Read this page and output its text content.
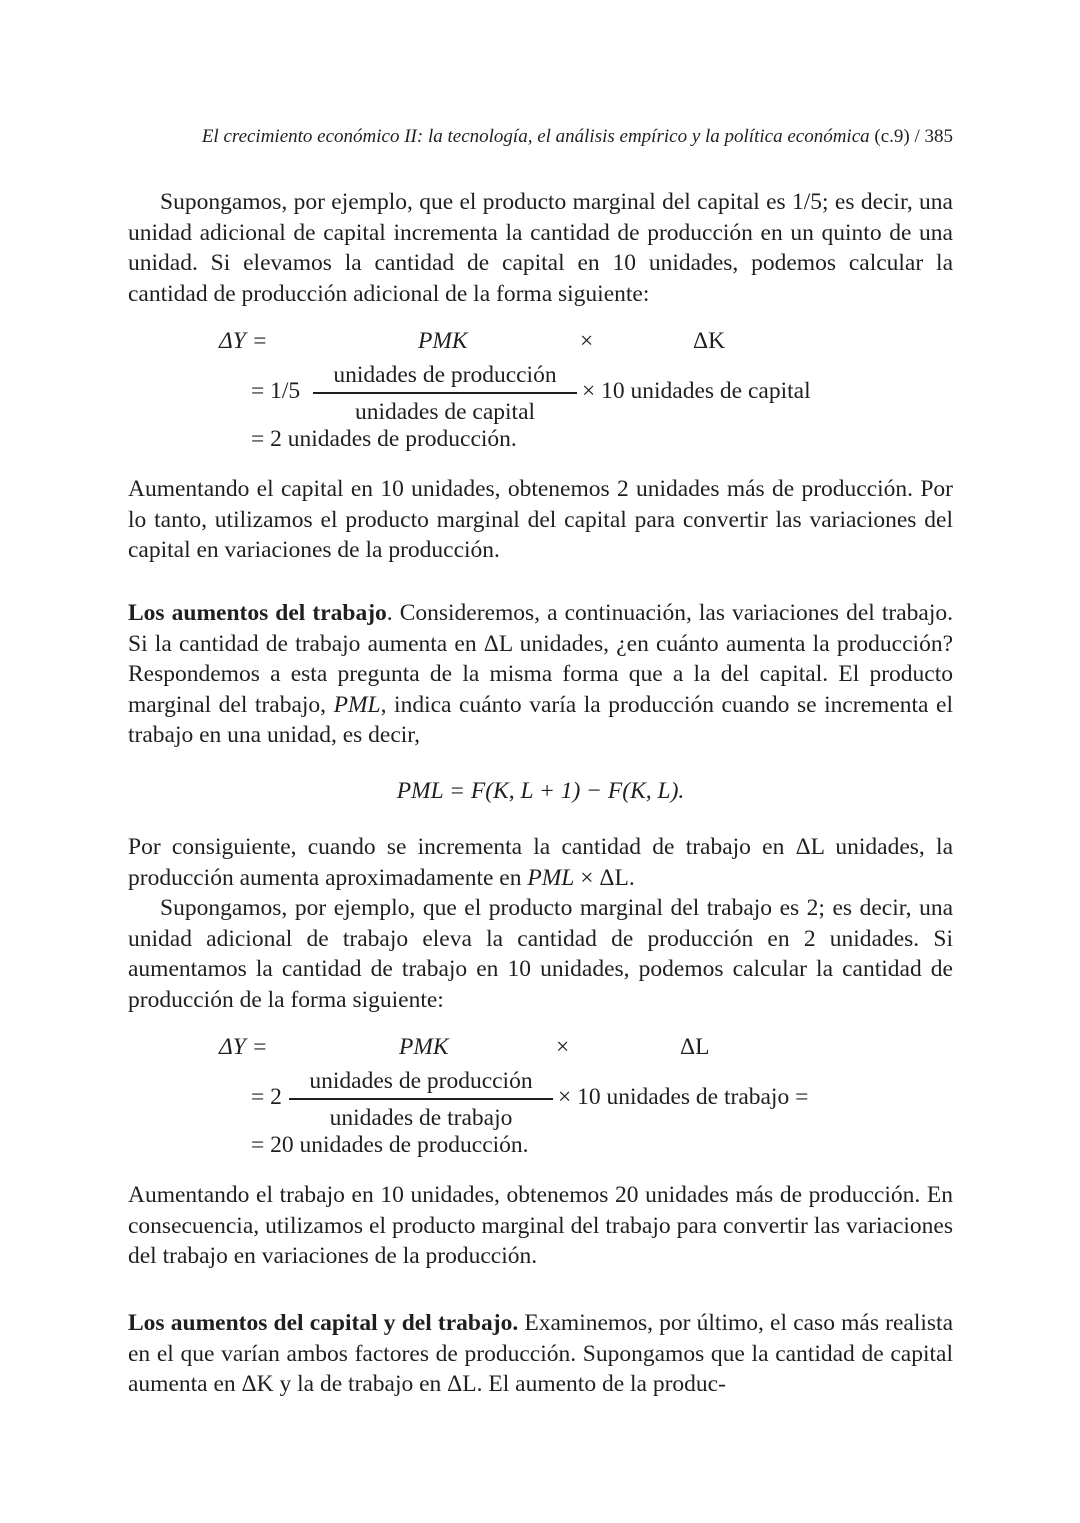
El crecimiento económico II: la tecnología, el análisis empírico y la política económica (c.9) / 385

Supongamos, por ejemplo, que el producto marginal del capital es 1/5; es decir, una unidad adicional de capital incrementa la cantidad de producción en un quinto de una unidad. Si elevamos la cantidad de capital en 10 unidades, podemos calcular la cantidad de producción adicional de la forma siguiente:

ΔY =	PMK	×	ΔK
= 1/5
unidades de producción
unidades de capital
× 10 unidades de capital
= 2 unidades de producción.

Aumentando el capital en 10 unidades, obtenemos 2 unidades más de producción. Por lo tanto, utilizamos el producto marginal del capital para convertir las variaciones del capital en variaciones de la producción.

Los aumentos del trabajo. Consideremos, a continuación, las variaciones del trabajo. Si la cantidad de trabajo aumenta en ΔL unidades, ¿en cuánto aumenta la producción? Respondemos a esta pregunta de la misma forma que a la del capital. El producto marginal del trabajo, PML, indica cuánto varía la producción cuando se incrementa el trabajo en una unidad, es decir,

PML = F(K, L + 1) − F(K, L).

Por consiguiente, cuando se incrementa la cantidad de trabajo en ΔL unidades, la producción aumenta aproximadamente en PML × ΔL.

Supongamos, por ejemplo, que el producto marginal del trabajo es 2; es decir, una unidad adicional de trabajo eleva la cantidad de producción en 2 unidades. Si aumentamos la cantidad de trabajo en 10 unidades, podemos calcular la cantidad de producción de la forma siguiente:

ΔY =	PMK	×	ΔL
= 2
unidades de producción
unidades de trabajo
× 10 unidades de trabajo =
= 20 unidades de producción.

Aumentando el trabajo en 10 unidades, obtenemos 20 unidades más de producción. En consecuencia, utilizamos el producto marginal del trabajo para convertir las variaciones del trabajo en variaciones de la producción.

Los aumentos del capital y del trabajo. Examinemos, por último, el caso más realista en el que varían ambos factores de producción. Supongamos que la cantidad de capital aumenta en ΔK y la de trabajo en ΔL. El aumento de la produc-
